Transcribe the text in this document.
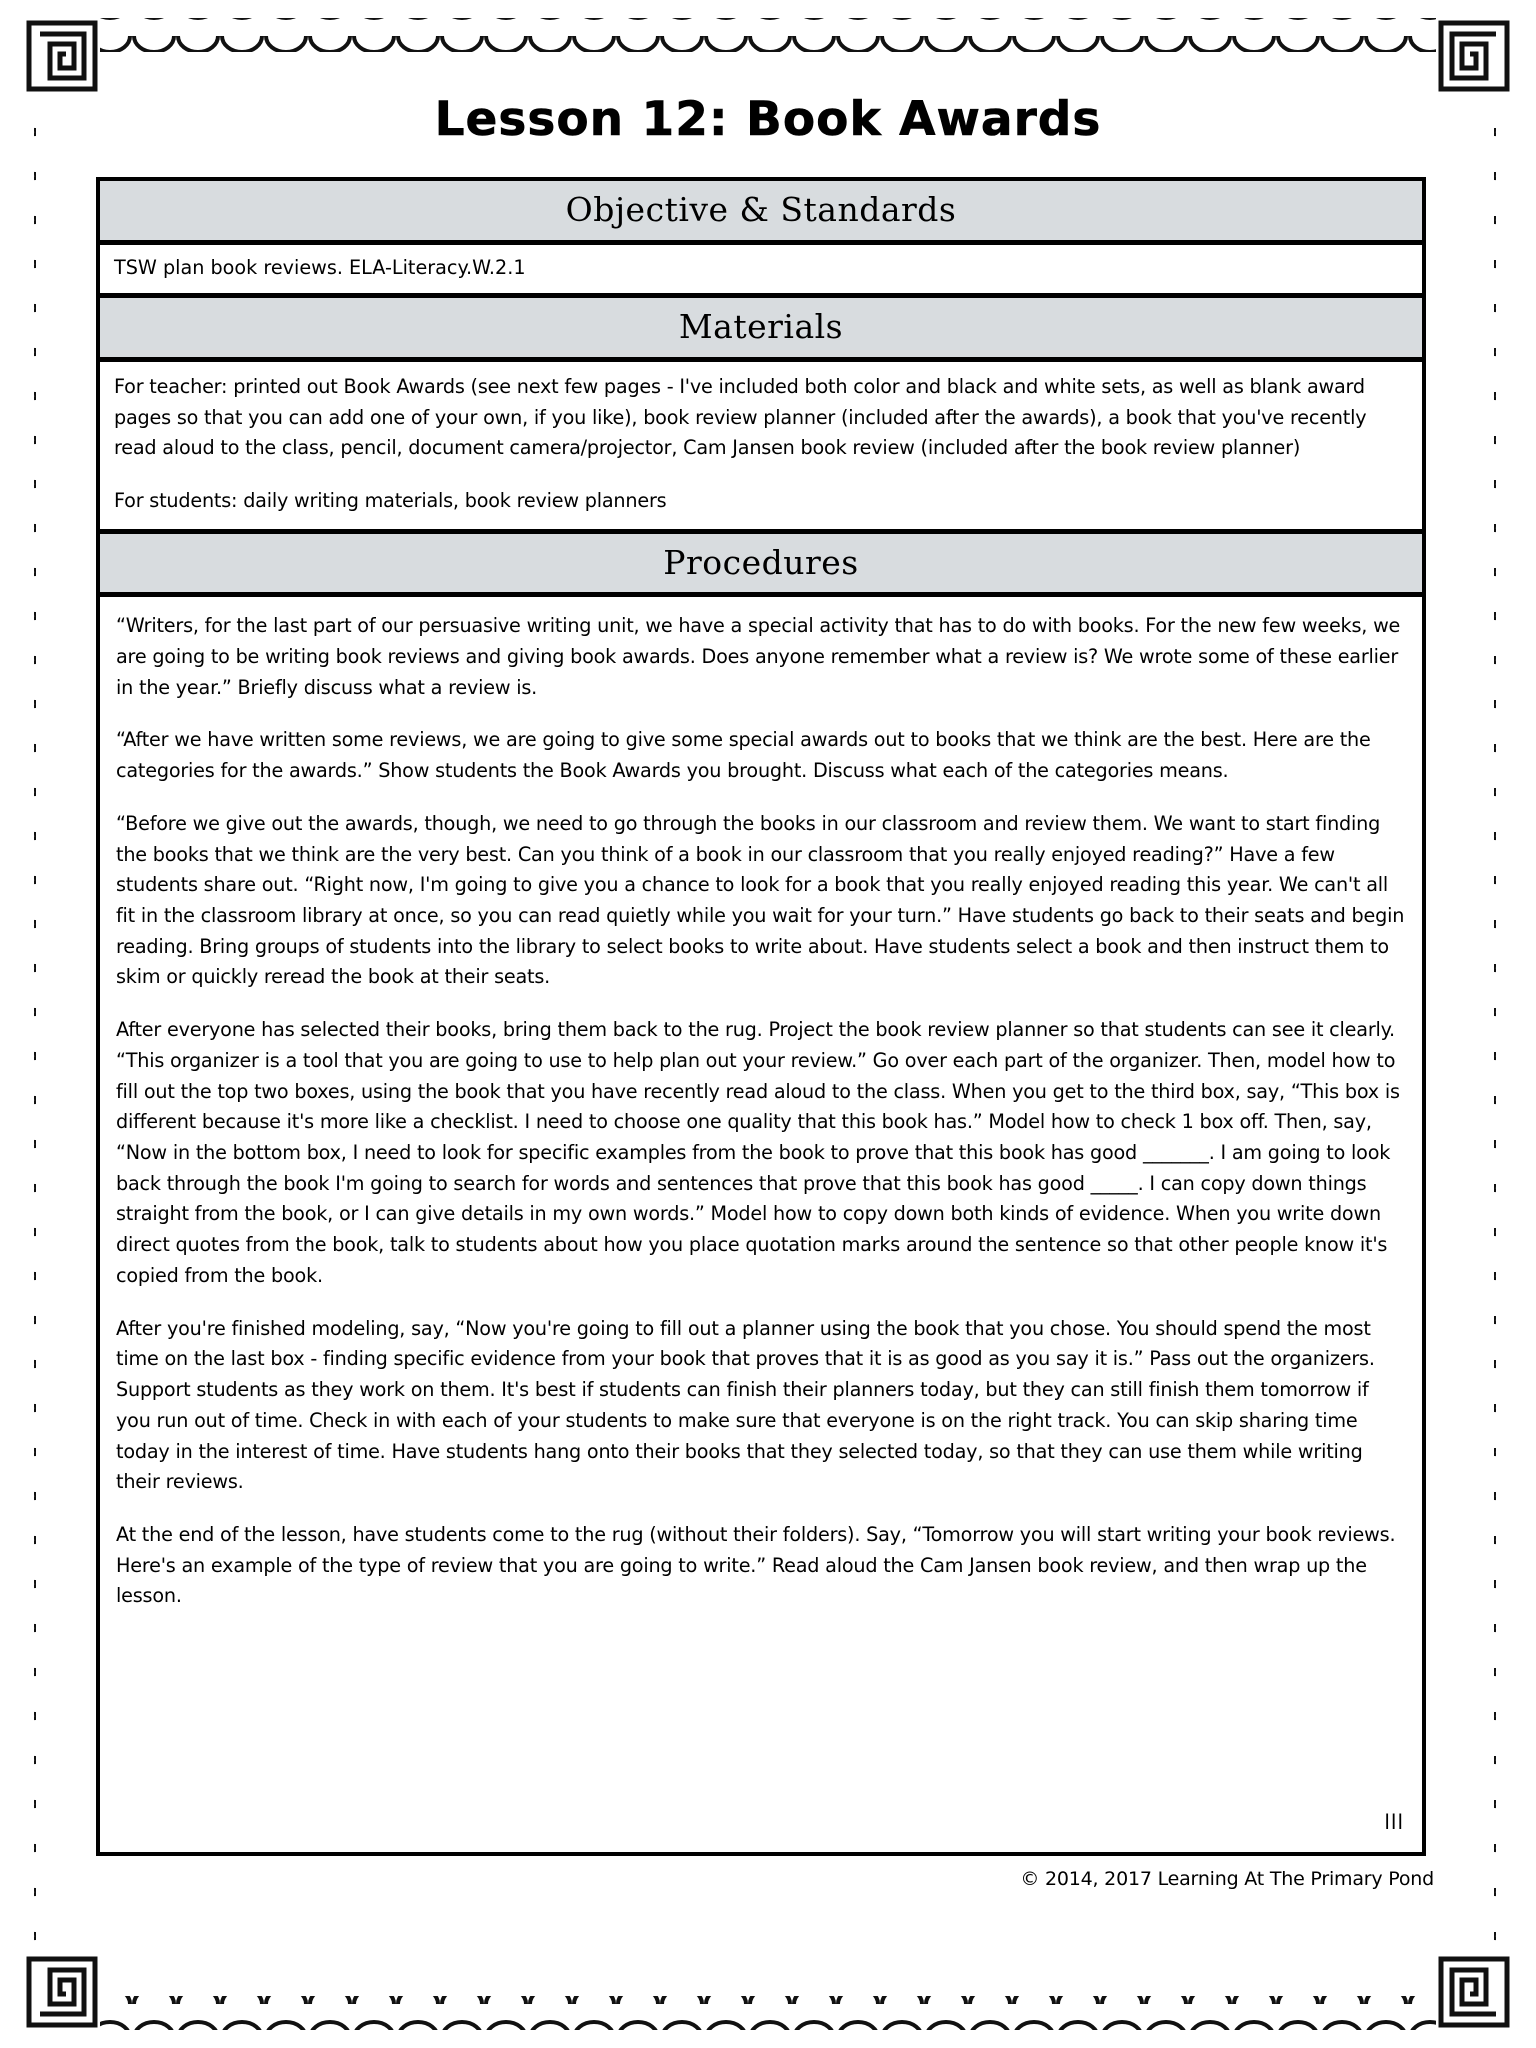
Lesson 12: Book Awards
Objective & Standards
TSW plan book reviews. ELA-Literacy.W.2.1
Materials

For teacher: printed out Book Awards (see next few pages - I've included both color and black and white sets, as well as blank award pages so that you can add one of your own, if you like), book review planner (included after the awards), a book that you've recently read aloud to the class, pencil, document camera/projector, Cam Jansen book review (included after the book review planner)

For students: daily writing materials, book review planners

Procedures

“Writers, for the last part of our persuasive writing unit, we have a special activity that has to do with books. For the new few weeks, we are going to be writing book reviews and giving book awards. Does anyone remember what a review is? We wrote some of these earlier in the year.” Briefly discuss what a review is.

“After we have written some reviews, we are going to give some special awards out to books that we think are the best. Here are the categories for the awards.” Show students the Book Awards you brought. Discuss what each of the categories means.

“Before we give out the awards, though, we need to go through the books in our classroom and review them. We want to start finding the books that we think are the very best. Can you think of a book in our classroom that you really enjoyed reading?” Have a few students share out. “Right now, I'm going to give you a chance to look for a book that you really enjoyed reading this year. We can't all fit in the classroom library at once, so you can read quietly while you wait for your turn.” Have students go back to their seats and begin reading. Bring groups of students into the library to select books to write about. Have students select a book and then instruct them to skim or quickly reread the book at their seats.

After everyone has selected their books, bring them back to the rug. Project the book review planner so that students can see it clearly. “This organizer is a tool that you are going to use to help plan out your review.” Go over each part of the organizer. Then, model how to fill out the top two boxes, using the book that you have recently read aloud to the class. When you get to the third box, say, “This box is different because it's more like a checklist. I need to choose one quality that this book has.” Model how to check 1 box off. Then, say, “Now in the bottom box, I need to look for specific examples from the book to prove that this book has good _______. I am going to look back through the book I'm going to search for words and sentences that prove that this book has good _____. I can copy down things straight from the book, or I can give details in my own words.” Model how to copy down both kinds of evidence. When you write down direct quotes from the book, talk to students about how you place quotation marks around the sentence so that other people know it's copied from the book.

After you're finished modeling, say, “Now you're going to fill out a planner using the book that you chose. You should spend the most time on the last box - finding specific evidence from your book that proves that it is as good as you say it is.” Pass out the organizers. Support students as they work on them. It's best if students can finish their planners today, but they can still finish them tomorrow if you run out of time. Check in with each of your students to make sure that everyone is on the right track. You can skip sharing time today in the interest of time. Have students hang onto their books that they selected today, so that they can use them while writing their reviews.

At the end of the lesson, have students come to the rug (without their folders). Say, “Tomorrow you will start writing your book reviews. Here's an example of the type of review that you are going to write.” Read aloud the Cam Jansen book review, and then wrap up the lesson.

lll
© 2014, 2017 Learning At The Primary Pond
